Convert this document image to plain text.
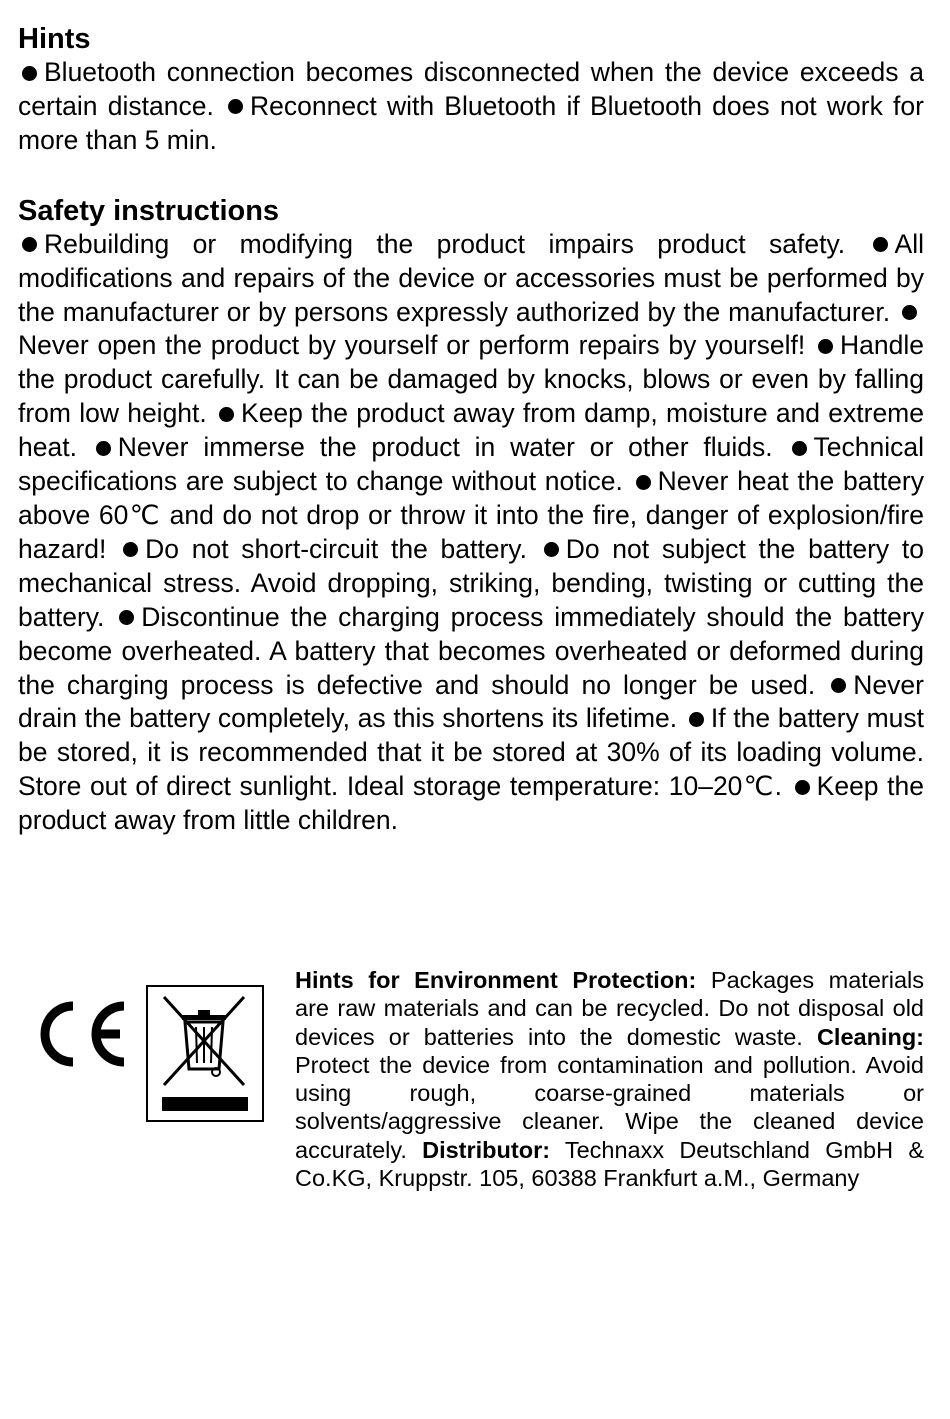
Hints

Bluetooth connection becomes disconnected when the device exceeds a certain distance. Reconnect with Bluetooth if Bluetooth does not work for more than 5 min.

Safety instructions

Rebuilding or modifying the product impairs product safety. All modifications and repairs of the device or accessories must be performed by the manufacturer or by persons expressly authorized by the manufacturer. Never open the product by yourself or perform repairs by yourself! Handle the product carefully. It can be damaged by knocks, blows or even by falling from low height. Keep the product away from damp, moisture and extreme heat. Never immerse the product in water or other fluids. Technical specifications are subject to change without notice. Never heat the battery above 60℃ and do not drop or throw it into the fire, danger of explosion/fire hazard! Do not short-circuit the battery. Do not subject the battery to mechanical stress. Avoid dropping, striking, bending, twisting or cutting the battery. Discontinue the charging process immediately should the battery become overheated. A battery that becomes overheated or deformed during the charging process is defective and should no longer be used. Never drain the battery completely, as this shortens its lifetime. If the battery must be stored, it is recommended that it be stored at 30% of its loading volume. Store out of direct sunlight. Ideal storage temperature: 10–20℃. Keep the product away from little children.

Hints for Environment Protection: Packages materials are raw materials and can be recycled. Do not disposal old devices or batteries into the domestic waste. Cleaning: Protect the device from contamination and pollution. Avoid using rough, coarse-grained materials or solvents/aggressive cleaner. Wipe the cleaned device accurately. Distributor: Technaxx Deutschland GmbH & Co.KG, Kruppstr. 105, 60388 Frankfurt a.M., Germany
